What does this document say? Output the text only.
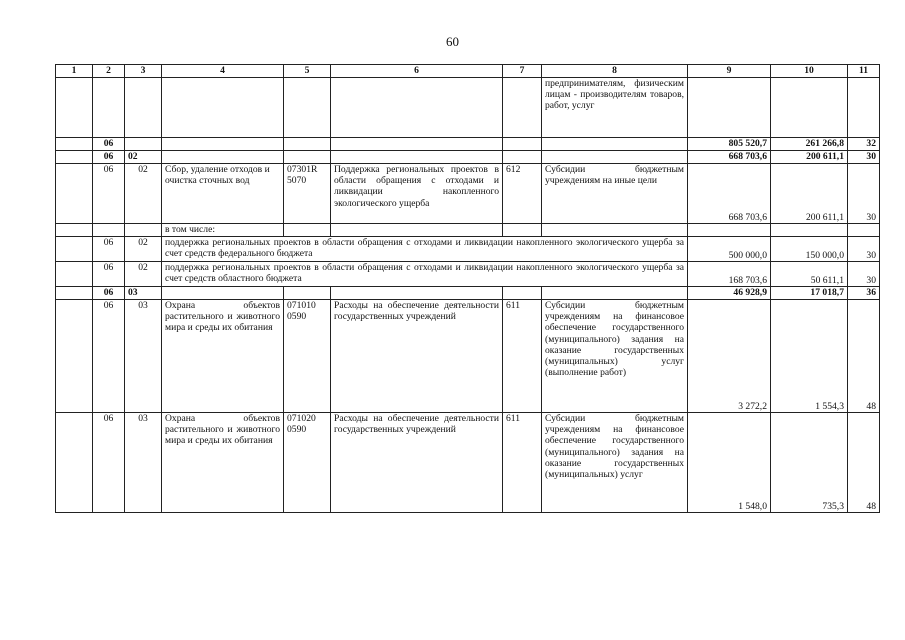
60
1	2	3	4	5	6	7	8	9	10	11
							предпринимателям, физическим лицам - производителям товаров, работ, услуг			
	06							805 520,7	261 266,8	32
	06	02						668 703,6	200 611,1	30
	06	02	Сбор, удаление отходов и очистка сточных вод	07301R 5070	Поддержка региональных проектов в области обращения с отходами и ликвидации накопленного экологического ущерба	612	Субсидии бюджетным учреждениям на иные цели	668 703,6	200 611,1	30
			в том числе:							
	06	02	поддержка региональных проектов в области обращения с отходами и ликвидации накопленного экологического ущерба за счет средств федерального бюджета					500 000,0	150 000,0	30
	06	02	поддержка региональных проектов в области обращения с отходами и ликвидации накопленного экологического ущерба за счет средств областного бюджета					168 703,6	50 611,1	30
	06	03						46 928,9	17 018,7	36
	06	03	Охрана объектов растительного и животного мира и среды их обитания	071010 0590	Расходы на обеспечение деятельности государственных учреждений	611	Субсидии бюджетным учреждениям на финансовое обеспечение государственного (муниципального) задания на оказание государственных (муниципальных) услуг (выполнение работ)	3 272,2	1 554,3	48
	06	03	Охрана объектов растительного и животного мира и среды их обитания	071020 0590	Расходы на обеспечение деятельности государственных учреждений	611	Субсидии бюджетным учреждениям на финансовое обеспечение государственного (муниципального) задания на оказание государственных (муниципальных) услуг	1 548,0	735,3	48
